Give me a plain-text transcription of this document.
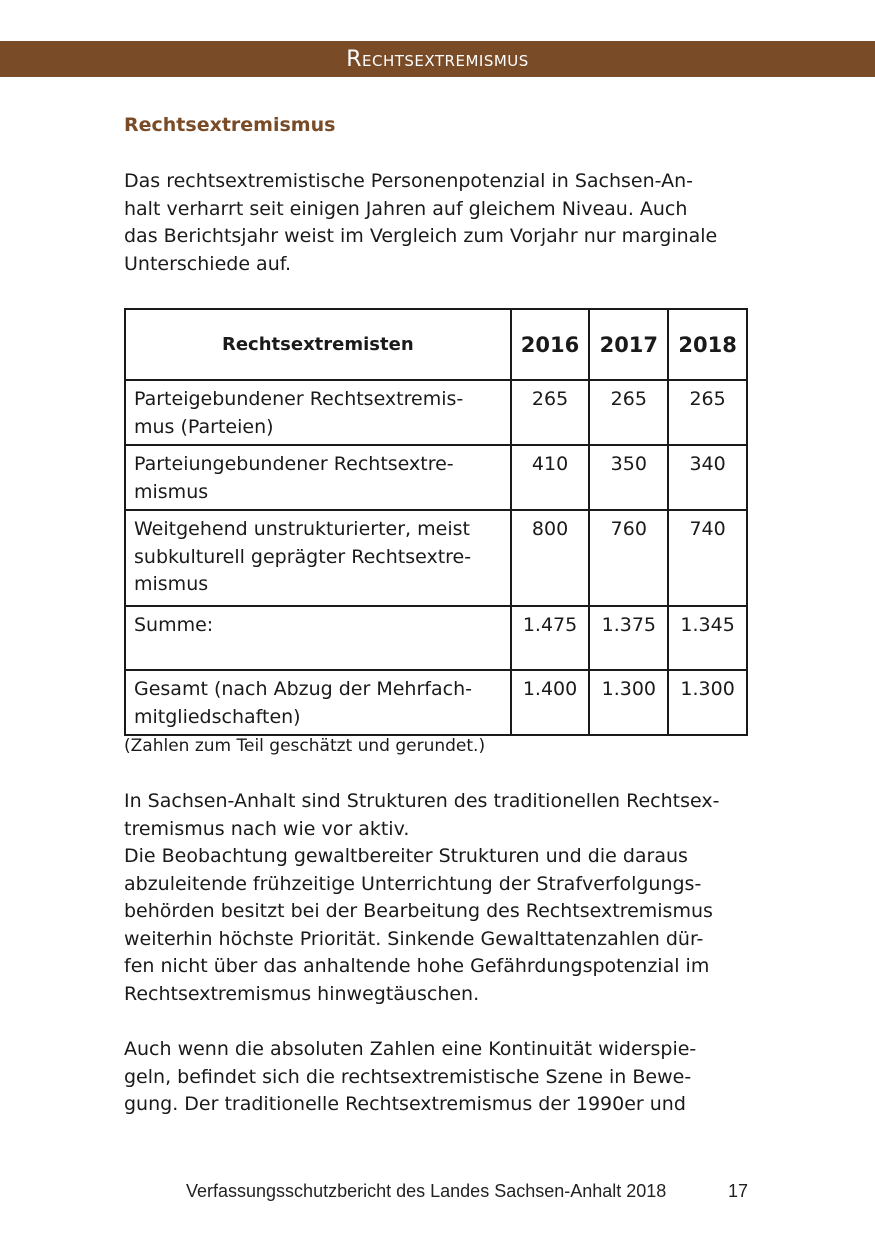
Rechtsextremismus
Rechtsextremismus
Das rechtsextremistische Personenpotenzial in Sachsen-An-
halt verharrt seit einigen Jahren auf gleichem Niveau. Auch
das Berichtsjahr weist im Vergleich zum Vorjahr nur marginale
Unterschiede auf.
Rechtsextremisten	2016	2017	2018

Parteigebundener Rechtsextremis-
mus (Parteien)	265	265	265

Parteiungebundener Rechtsextre-
mismus	410	350	340

Weitgehend unstrukturierter, meist
subkulturell geprägter Rechtsextre-
mismus	800	760	740

Summe:	1.475	1.375	1.345

Gesamt (nach Abzug der Mehrfach-
mitgliedschaften)	1.400	1.300	1.300
(Zahlen zum Teil geschätzt und gerundet.)
In Sachsen-Anhalt sind Strukturen des traditionellen Rechtsex-
tremismus nach wie vor aktiv.
Die Beobachtung gewaltbereiter Strukturen und die daraus
abzuleitende frühzeitige Unterrichtung der Strafverfolgungs-
behörden besitzt bei der Bearbeitung des Rechtsextremismus
weiterhin höchste Priorität. Sinkende Gewalttatenzahlen dür-
fen nicht über das anhaltende hohe Gefährdungspotenzial im
Rechtsextremismus hinwegtäuschen.
Auch wenn die absoluten Zahlen eine Kontinuität widerspie-
geln, befindet sich die rechtsextremistische Szene in Bewe-
gung. Der traditionelle Rechtsextremismus der 1990er und
Verfassungsschutzbericht des Landes Sachsen-Anhalt 2018	17
